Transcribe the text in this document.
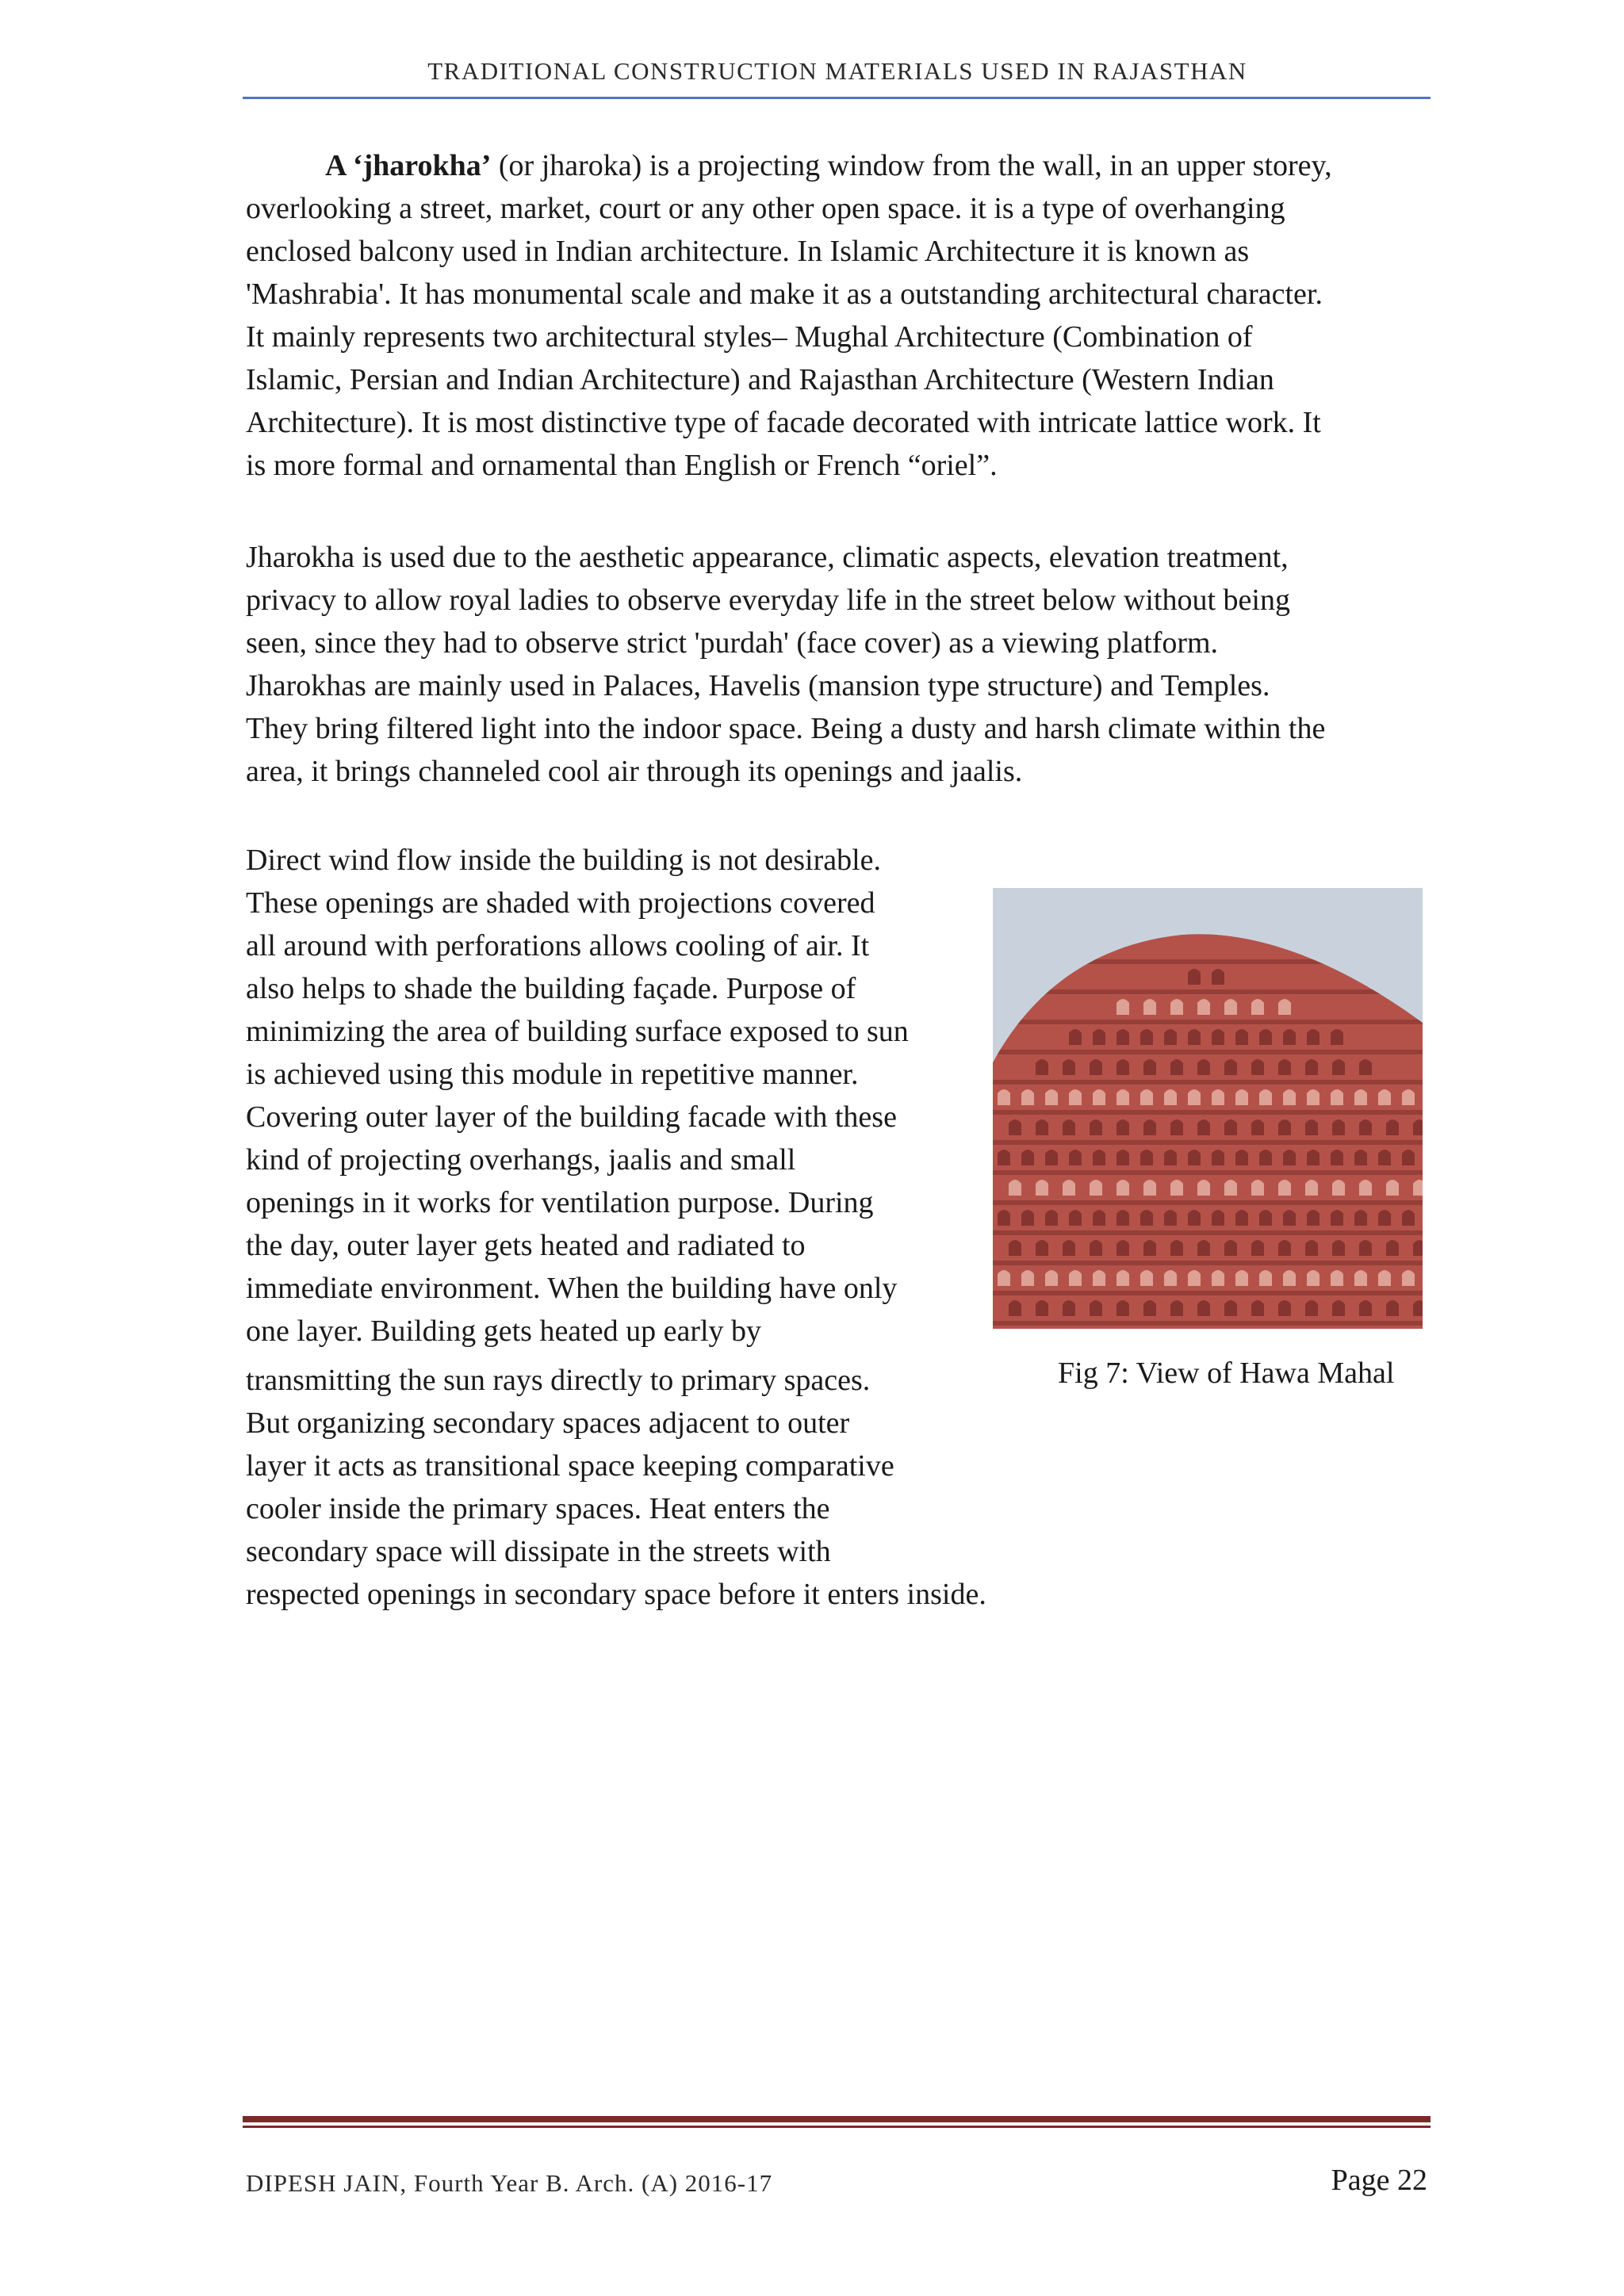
TRADITIONAL CONSTRUCTION MATERIALS USED IN RAJASTHAN
A ‘jharokha’ (or jharoka) is a projecting window from the wall, in an upper storey,
overlooking a street, market, court or any other open space. it is a type of overhanging
enclosed balcony used in Indian architecture. In Islamic Architecture it is known as
'Mashrabia'. It has monumental scale and make it as a outstanding architectural character.
It mainly represents two architectural styles– Mughal Architecture (Combination of
Islamic, Persian and Indian Architecture) and Rajasthan Architecture (Western Indian
Architecture). It is most distinctive type of facade decorated with intricate lattice work. It
is more formal and ornamental than English or French “oriel”.
Jharokha is used due to the aesthetic appearance, climatic aspects, elevation treatment,
privacy to allow royal ladies to observe everyday life in the street below without being
seen, since they had to observe strict 'purdah' (face cover) as a viewing platform.
Jharokhas are mainly used in Palaces, Havelis (mansion type structure) and Temples.
They bring filtered light into the indoor space. Being a dusty and harsh climate within the
area, it brings channeled cool air through its openings and jaalis.
Direct wind flow inside the building is not desirable.
These openings are shaded with projections covered
all around with perforations allows cooling of air. It
also helps to shade the building façade. Purpose of
minimizing the area of building surface exposed to sun
is achieved using this module in repetitive manner.
Covering outer layer of the building facade with these
kind of projecting overhangs, jaalis and small
openings in it works for ventilation purpose. During
the day, outer layer gets heated and radiated to
immediate environment. When the building have only
one layer. Building gets heated up early by
transmitting the sun rays directly to primary spaces.
But organizing secondary spaces adjacent to outer
layer it acts as transitional space keeping comparative
cooler inside the primary spaces. Heat enters the
secondary space will dissipate in the streets with
respected openings in secondary space before it enters inside.
Fig 7: View of Hawa Mahal
DIPESH JAIN, Fourth Year B. Arch. (A) 2016-17	Page 22
